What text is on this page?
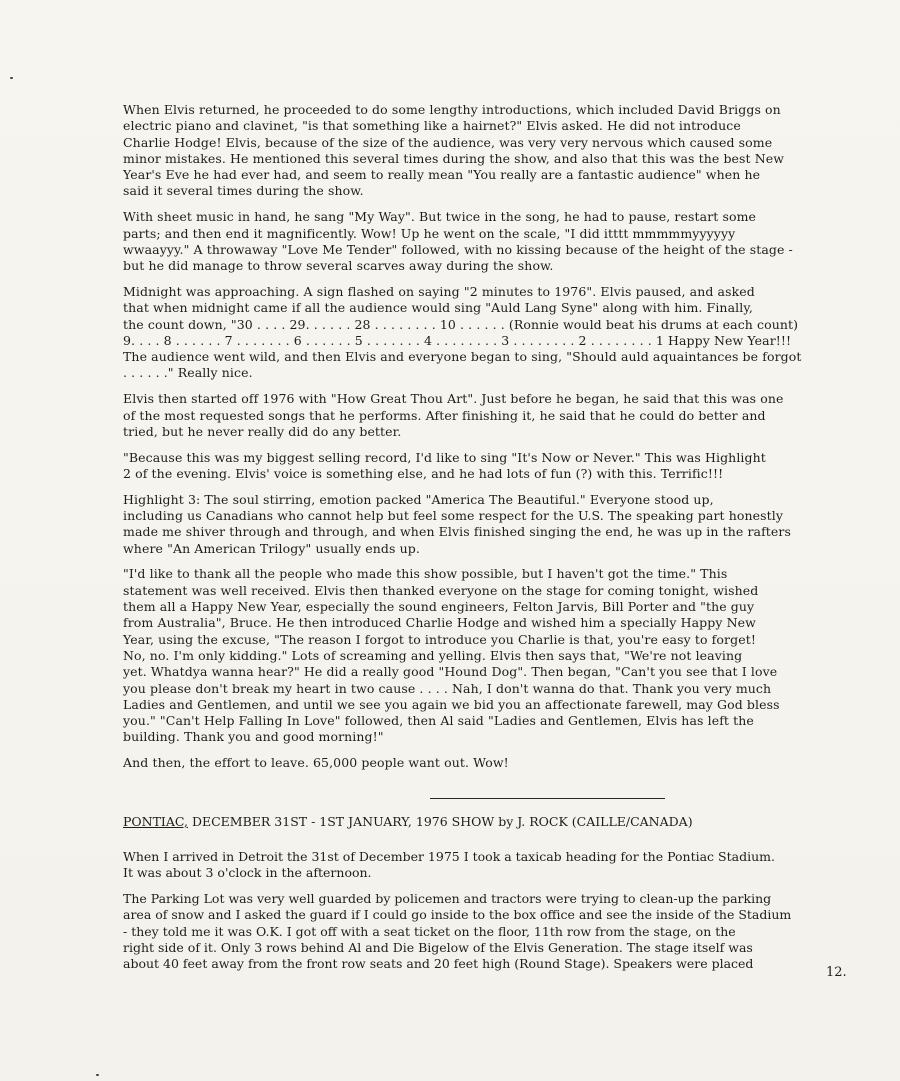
When Elvis returned, he proceeded to do some lengthy introductions, which included David Briggs on
electric piano and clavinet, "is that something like a hairnet?" Elvis asked. He did not introduce
Charlie Hodge! Elvis, because of the size of the audience, was very very nervous which caused some
minor mistakes. He mentioned this several times during the show, and also that this was the best New
Year's Eve he had ever had, and seem to really mean "You really are a fantastic audience" when he
said it several times during the show.

With sheet music in hand, he sang "My Way". But twice in the song, he had to pause, restart some
parts; and then end it magnificently. Wow! Up he went on the scale, "I did itttt mmmmmyyyyyy
wwaayyy." A throwaway "Love Me Tender" followed, with no kissing because of the height of the stage -
but he did manage to throw several scarves away during the show.

Midnight was approaching. A sign flashed on saying "2 minutes to 1976". Elvis paused, and asked
that when midnight came if all the audience would sing "Auld Lang Syne" along with him. Finally,
the count down, "30 . . . . 29. . . . . . 28 . . . . . . . . 10 . . . . . . (Ronnie would beat his drums at each count)
9. . . . 8 . . . . . . 7 . . . . . . . 6 . . . . . . 5 . . . . . . . 4 . . . . . . . . 3 . . . . . . . . 2 . . . . . . . . 1 Happy New Year!!!
The audience went wild, and then Elvis and everyone began to sing, "Should auld aquaintances be forgot
. . . . . ." Really nice.

Elvis then started off 1976 with "How Great Thou Art". Just before he began, he said that this was one
of the most requested songs that he performs. After finishing it, he said that he could do better and
tried, but he never really did do any better.

"Because this was my biggest selling record, I'd like to sing "It's Now or Never." This was Highlight
2 of the evening. Elvis' voice is something else, and he had lots of fun (?) with this. Terrific!!!

Highlight 3: The soul stirring, emotion packed "America The Beautiful." Everyone stood up,
including us Canadians who cannot help but feel some respect for the U.S. The speaking part honestly
made me shiver through and through, and when Elvis finished singing the end, he was up in the rafters
where "An American Trilogy" usually ends up.

"I'd like to thank all the people who made this show possible, but I haven't got the time." This
statement was well received. Elvis then thanked everyone on the stage for coming tonight, wished
them all a Happy New Year, especially the sound engineers, Felton Jarvis, Bill Porter and "the guy
from Australia", Bruce. He then introduced Charlie Hodge and wished him a specially Happy New
Year, using the excuse, "The reason I forgot to introduce you Charlie is that, you're easy to forget!
No, no. I'm only kidding." Lots of screaming and yelling. Elvis then says that, "We're not leaving
yet. Whatdya wanna hear?" He did a really good "Hound Dog". Then began, "Can't you see that I love
you please don't break my heart in two cause . . . . Nah, I don't wanna do that. Thank you very much
Ladies and Gentlemen, and until we see you again we bid you an affectionate farewell, may God bless
you." "Can't Help Falling In Love" followed, then Al said "Ladies and Gentlemen, Elvis has left the
building. Thank you and good morning!"

And then, the effort to leave. 65,000 people want out. Wow!

PONTIAC, DECEMBER 31ST - 1ST JANUARY, 1976 SHOW by J. ROCK (CAILLE/CANADA)

When I arrived in Detroit the 31st of December 1975 I took a taxicab heading for the Pontiac Stadium.
It was about 3 o'clock in the afternoon.

The Parking Lot was very well guarded by policemen and tractors were trying to clean-up the parking
area of snow and I asked the guard if I could go inside to the box office and see the inside of the Stadium
- they told me it was O.K. I got off with a seat ticket on the floor, 11th row from the stage, on the
right side of it. Only 3 rows behind Al and Die Bigelow of the Elvis Generation. The stage itself was
about 40 feet away from the front row seats and 20 feet high (Round Stage). Speakers were placed

12.
